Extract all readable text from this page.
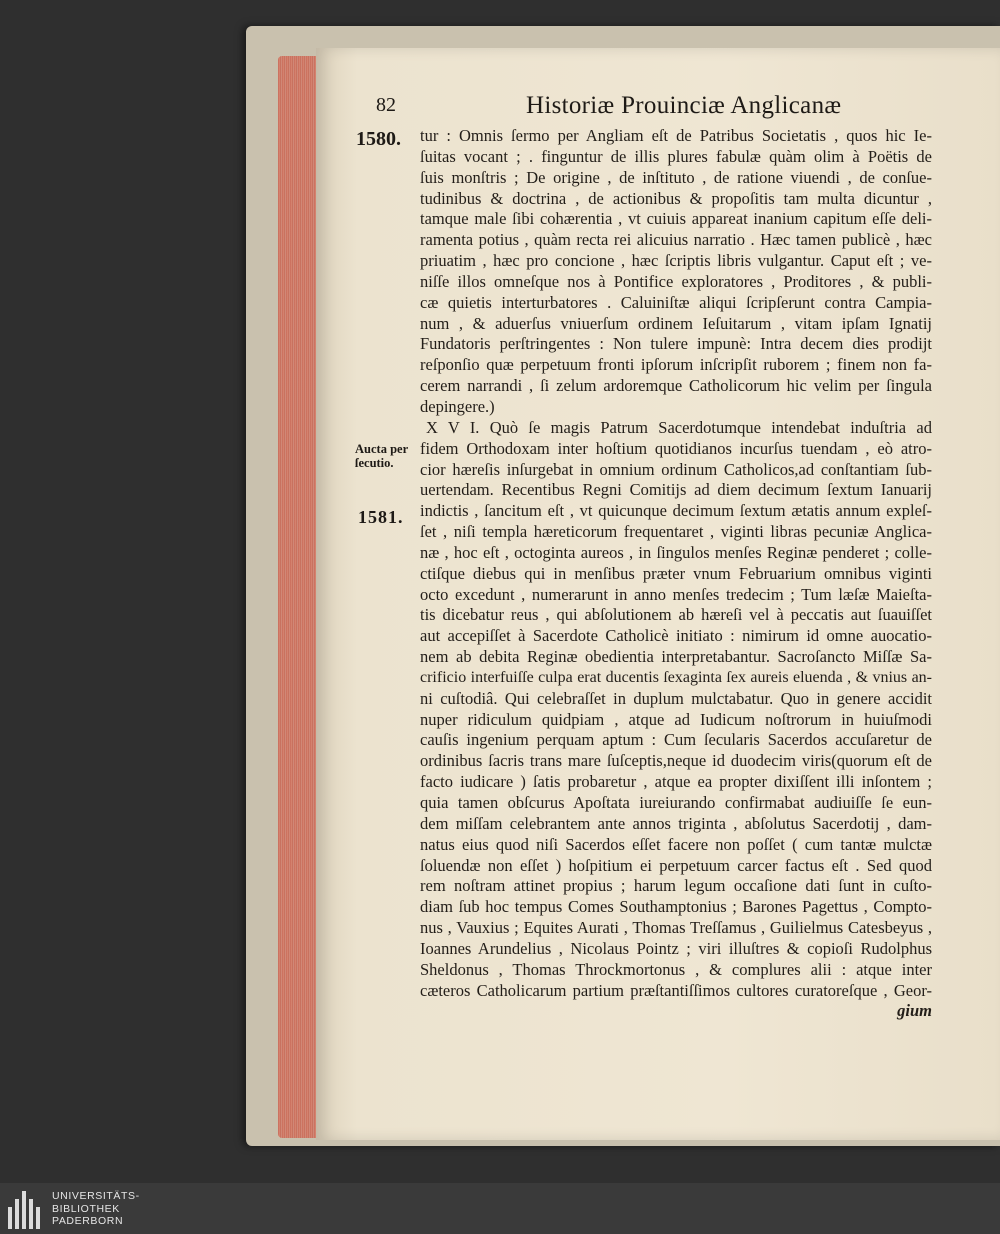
82	Historiæ Prouinciæ Anglicanæ
1580.
Aucta per
ſecutio.
1581.
tur : Omnis ſermo per Angliam eſt de Patribus Societatis , quos hic Ie-
ſuitas vocant ; . finguntur de illis plures fabulæ quàm olim à Poëtis de
ſuis monſtris ; De origine , de inſtituto , de ratione viuendi , de conſue-
tudinibus & doctrina , de actionibus & propoſitis tam multa dicuntur ,
tamque male ſibi cohærentia , vt cuiuis appareat inanium capitum eſſe deli-
ramenta potius , quàm recta rei alicuius narratio . Hæc tamen publicè , hæc
priuatim , hæc pro concione , hæc ſcriptis libris vulgantur. Caput eſt ; ve-
niſſe illos omneſque nos à Pontifice exploratores , Proditores , & publi-
cæ quietis interturbatores . Caluiniſtæ aliqui ſcripſerunt contra Campia-
num , & aduerſus vniuerſum ordinem Ieſuitarum , vitam ipſam Ignatij
Fundatoris perſtringentes : Non tulere impunè: Intra decem dies prodijt
reſponſio quæ perpetuum fronti ipſorum inſcripſit ruborem ; finem non fa-
cerem narrandi , ſi zelum ardoremque Catholicorum hic velim per ſingula
depingere.)
X V I. Quò ſe magis Patrum Sacerdotumque intendebat induſtria ad
fidem Orthodoxam inter hoſtium quotidianos incurſus tuendam , eò atro-
cior hæreſis inſurgebat in omnium ordinum Catholicos,ad conſtantiam ſub-
uertendam. Recentibus Regni Comitijs ad diem decimum ſextum Ianuarij
indictis , ſancitum eſt , vt quicunque decimum ſextum ætatis annum expleſ-
ſet , niſi templa hæreticorum frequentaret , viginti libras pecuniæ Anglica-
næ , hoc eſt , octoginta aureos , in ſingulos menſes Reginæ penderet ; colle-
ctiſque diebus qui in menſibus præter vnum Februarium omnibus viginti
octo excedunt , numerarunt in anno menſes tredecim ; Tum læſæ Maieſta-
tis dicebatur reus , qui abſolutionem ab hæreſi vel à peccatis aut ſuauiſſet
aut accepiſſet à Sacerdote Catholicè initiato : nimirum id omne auocatio-
nem ab debita Reginæ obedientia interpretabantur. Sacroſancto Miſſæ Sa-
crificio interfuiſſe culpa erat ducentis ſexaginta ſex aureis eluenda , & vnius an-
ni cuſtodiâ. Qui celebraſſet in duplum mulctabatur. Quo in genere accidit
nuper ridiculum quidpiam , atque ad Iudicum noſtrorum in huiuſmodi
cauſis ingenium perquam aptum : Cum ſecularis Sacerdos accuſaretur de
ordinibus ſacris trans mare ſuſceptis,neque id duodecim viris(quorum eſt de
facto iudicare ) ſatis probaretur , atque ea propter dixiſſent illi inſontem ;
quia tamen obſcurus Apoſtata iureiurando confirmabat audiuiſſe ſe eun-
dem miſſam celebrantem ante annos triginta , abſolutus Sacerdotij , dam-
natus eius quod niſi Sacerdos eſſet facere non poſſet ( cum tantæ mulctæ
ſoluendæ non eſſet ) hoſpitium ei perpetuum carcer factus eſt . Sed quod
rem noſtram attinet propius ; harum legum occaſione dati ſunt in cuſto-
diam ſub hoc tempus Comes Southamptonius ; Barones Pagettus , Compto-
nus , Vauxius ; Equites Aurati , Thomas Treſſamus , Guilielmus Catesbeyus ,
Ioannes Arundelius , Nicolaus Pointz ; viri illuſtres & copioſi Rudolphus
Sheldonus , Thomas Throckmortonus , & complures alii : atque inter
cæteros Catholicarum partium præſtantiſſimos cultores curatoreſque , Geor-
gium
UNIVERSITÄTS-
BIBLIOTHEK
PADERBORN
